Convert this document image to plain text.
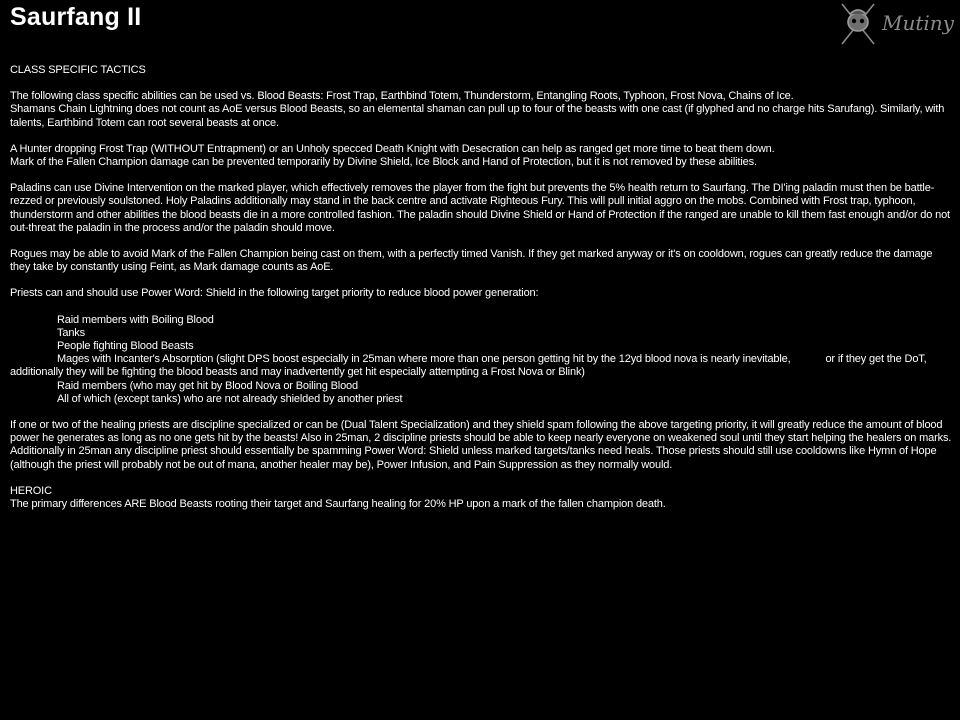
Saurfang II	Mutiny

CLASS SPECIFIC TACTICS

The following class specific abilities can be used vs. Blood Beasts: Frost Trap, Earthbind Totem, Thunderstorm, Entangling Roots, Typhoon, Frost Nova, Chains of Ice.
Shamans Chain Lightning does not count as AoE versus Blood Beasts, so an elemental shaman can pull up to four of the beasts with one cast (if glyphed and no charge hits Sarufang). Similarly, with talents, Earthbind Totem can root several beasts at once.

A Hunter dropping Frost Trap (WITHOUT Entrapment) or an Unholy specced Death Knight with Desecration can help as ranged get more time to beat them down.
Mark of the Fallen Champion damage can be prevented temporarily by Divine Shield, Ice Block and Hand of Protection, but it is not removed by these abilities.

Paladins can use Divine Intervention on the marked player, which effectively removes the player from the fight but prevents the 5% health return to Saurfang. The DI'ing paladin must then be battle-rezzed or previously soulstoned. Holy Paladins additionally may stand in the back centre and activate Righteous Fury. This will pull initial aggro on the mobs. Combined with Frost trap, typhoon, thunderstorm and other abilities the blood beasts die in a more controlled fashion. The paladin should Divine Shield or Hand of Protection if the ranged are unable to kill them fast enough and/or do not out-threat the paladin in the process and/or the paladin should move.

Rogues may be able to avoid Mark of the Fallen Champion being cast on them, with a perfectly timed Vanish. If they get marked anyway or it's on cooldown, rogues can greatly reduce the damage they take by constantly using Feint, as Mark damage counts as AoE.

Priests can and should use Power Word: Shield in the following target priority to reduce blood power generation:

Raid members with Boiling Blood
Tanks
People fighting Blood Beasts
Mages with Incanter's Absorption (slight DPS boost especially in 25man where more than one person getting hit by the 12yd blood nova is nearly inevitable,	or if they get the DoT, additionally they will be fighting the blood beasts and may inadvertently get hit especially attempting a Frost Nova or Blink)
Raid members (who may get hit by Blood Nova or Boiling Blood
All of which (except tanks) who are not already shielded by another priest

If one or two of the healing priests are discipline specialized or can be (Dual Talent Specialization) and they shield spam following the above targeting priority, it will greatly reduce the amount of blood power he generates as long as no one gets hit by the beasts! Also in 25man, 2 discipline priests should be able to keep nearly everyone on weakened soul until they start helping the healers on marks. Additionally in 25man any discipline priest should essentially be spamming Power Word: Shield unless marked targets/tanks need heals. Those priests should still use cooldowns like Hymn of Hope (although the priest will probably not be out of mana, another healer may be), Power Infusion, and Pain Suppression as they normally would.

HEROIC
The primary differences ARE Blood Beasts rooting their target and Saurfang healing for 20% HP upon a mark of the fallen champion death.
